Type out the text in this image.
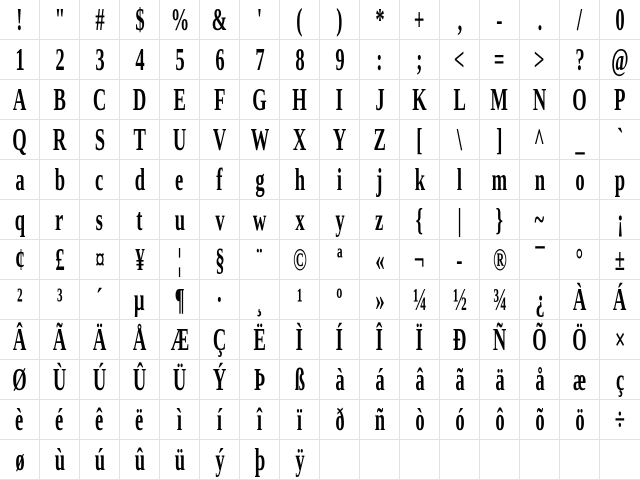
! " # $ % & '	(	)	* +	,	-	.	/	0
1 2 3 4 5 6 7 8 9	:	; < = > ? @
A B C D E F G H I J K L M N O P
Q R S T U V W X Y Z [	\	] ^ _	`
a b c d e	f	g h	i	j k	l m n o p
q r	s	t u v w x y z	{	|	} ~	¡
¢ £ ¤ ¥	¦	§	¨ © ª	« ¬ - ® ¯ ° ±
²	³	´ µ ¶ ·	¸	¹	º	» ¼ ½ ¾ ¿ À Á
Â Ã Ä Å Æ Ç Ë Ì	Í	Î	Ï Ð Ñ Õ Ö ×
Ø Ù Ú Û Ü Ý Þ ß à á â ã ä å æ ç
è é ê ë	ì	í	î	ï	ð ñ ò ó ô õ ö ÷
ø ù ú û ü ý þ ÿ
